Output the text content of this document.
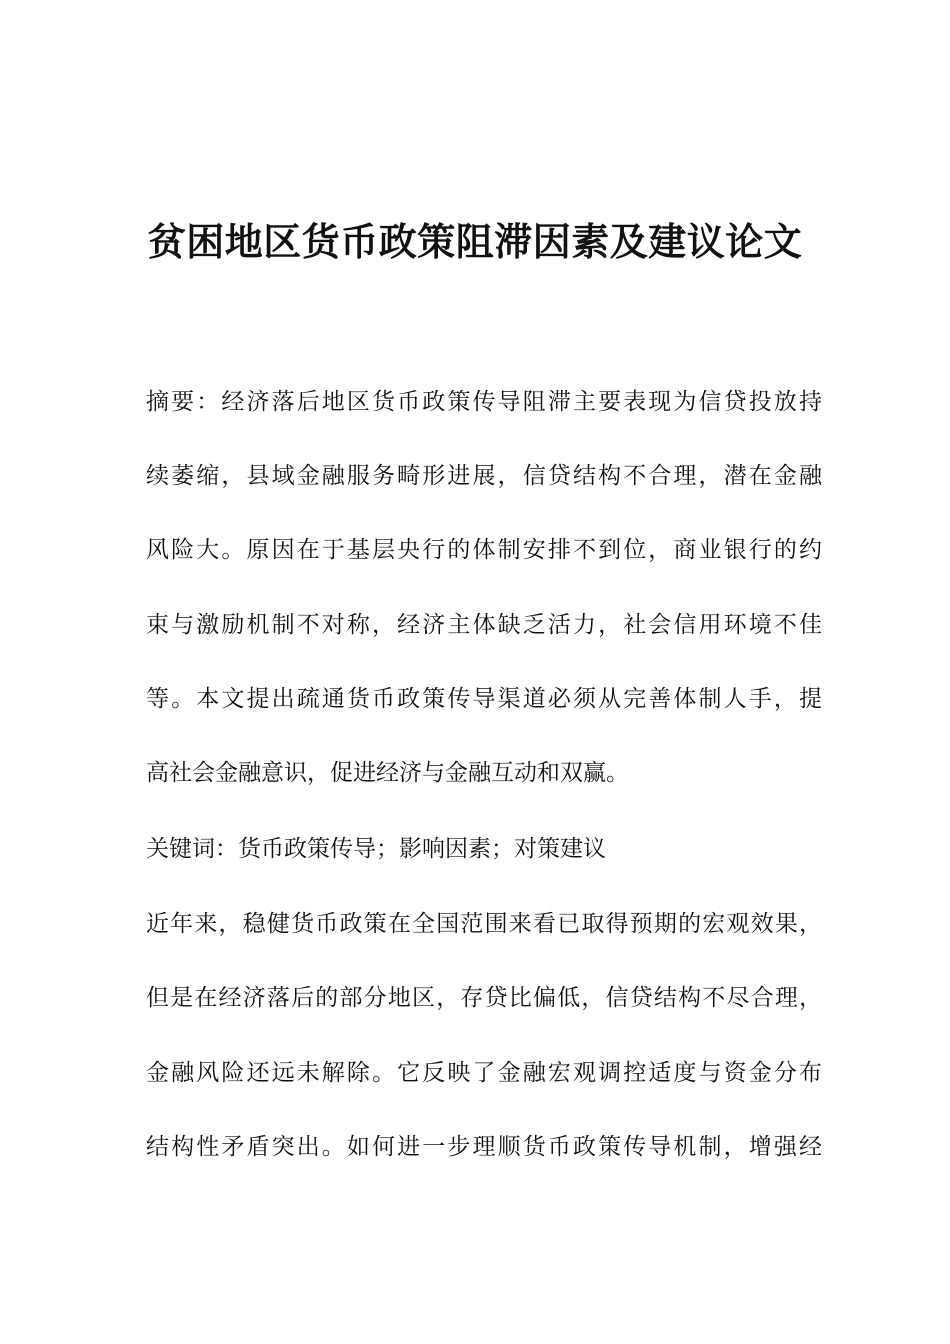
贫困地区货币政策阻滞因素及建议论文
摘要：经济落后地区货币政策传导阻滞主要表现为信贷投放持
续萎缩，县域金融服务畸形进展，信贷结构不合理，潜在金融
风险大。原因在于基层央行的体制安排不到位，商业银行的约
束与激励机制不对称，经济主体缺乏活力，社会信用环境不佳
等。本文提出疏通货币政策传导渠道必须从完善体制人手，提
高社会金融意识，促进经济与金融互动和双赢。
关键词：货币政策传导；影响因素；对策建议
近年来，稳健货币政策在全国范围来看已取得预期的宏观效果，
但是在经济落后的部分地区，存贷比偏低，信贷结构不尽合理，
金融风险还远未解除。它反映了金融宏观调控适度与资金分布
结构性矛盾突出。如何进一步理顺货币政策传导机制，增强经
